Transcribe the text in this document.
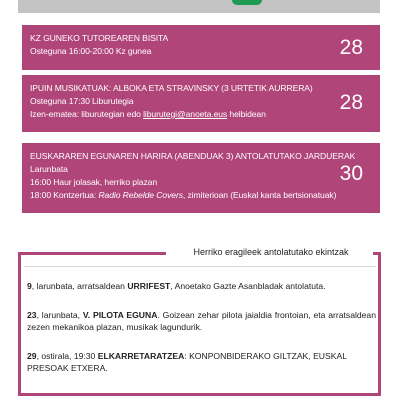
KZ GUNEKO TUTOREAREN BISITA
Osteguna 16:00-20:00 Kz gunea	28
IPUIN MUSIKATUAK: ALBOKA ETA STRAVINSKY (3 URTETIK AURRERA)
Osteguna 17:30 Liburutegia
Izen-ematea: liburutegian edo liburutegi@anoeta.eus helbidean	28
EUSKARAREN EGUNAREN HARIRA (ABENDUAK 3) ANTOLATUTAKO JARDUERAK
Larunbata
16:00 Haur jolasak, herriko plazan
18:00 Kontzertua: Radio Rebelde Covers, zimiterioan (Euskal kanta bertsionatuak)
30
Herriko eragileek antolatutako ekintzak
9, larunbata, arratsaldean URRIFEST, Anoetako Gazte Asanbladak antolatuta.
23, larunbata, V. PILOTA EGUNA. Goizean zehar pilota jaialdia frontoian, eta arratsaldean zezen mekanikoa plazan, musikak lagundurik.
29, ostirala, 19:30 ELKARRETARATZEA: KONPONBIDERAKO GILTZAK, EUSKAL PRESOAK ETXERA.
